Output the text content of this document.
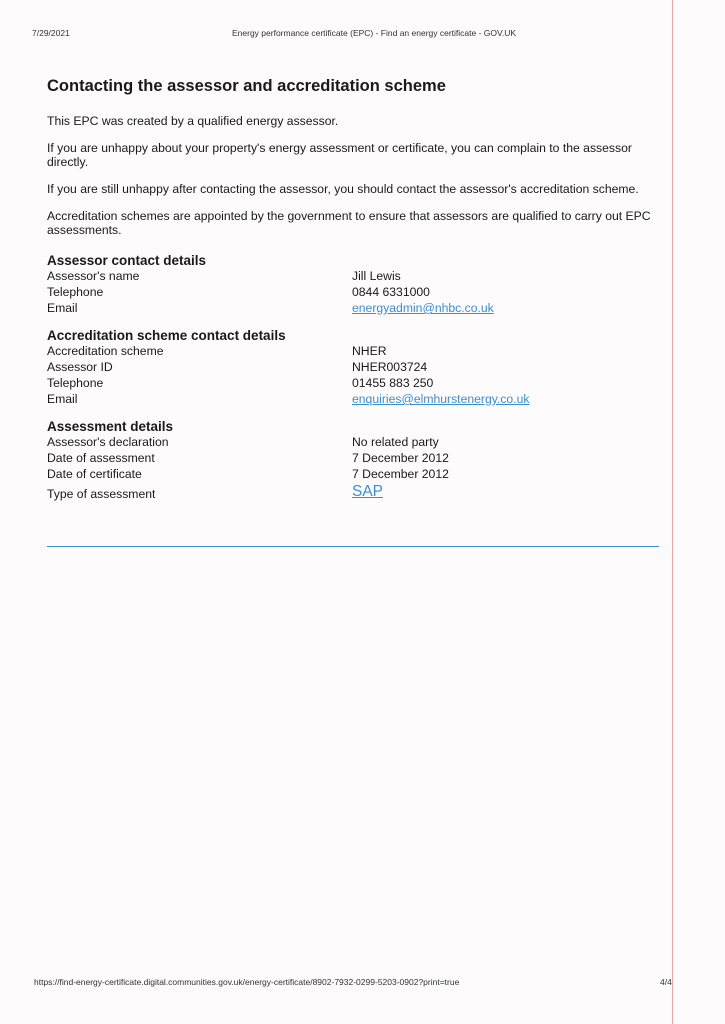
7/29/2021	Energy performance certificate (EPC) - Find an energy certificate - GOV.UK
Contacting the assessor and accreditation scheme

This EPC was created by a qualified energy assessor.

If you are unhappy about your property's energy assessment or certificate, you can complain to the assessor directly.

If you are still unhappy after contacting the assessor, you should contact the assessor's accreditation scheme.

Accreditation schemes are appointed by the government to ensure that assessors are qualified to carry out EPC assessments.

Assessor contact details
Assessor's name	Jill Lewis
Telephone	0844 6331000
Email	energyadmin@nhbc.co.uk
Accreditation scheme contact details
Accreditation scheme	NHER
Assessor ID	NHER003724
Telephone	01455 883 250
Email	enquiries@elmhurstenergy.co.uk
Assessment details
Assessor's declaration	No related party
Date of assessment	7 December 2012
Date of certificate	7 December 2012
Type of assessment	SAP
https://find-energy-certificate.digital.communities.gov.uk/energy-certificate/8902-7932-0299-5203-0902?print=true	4/4
